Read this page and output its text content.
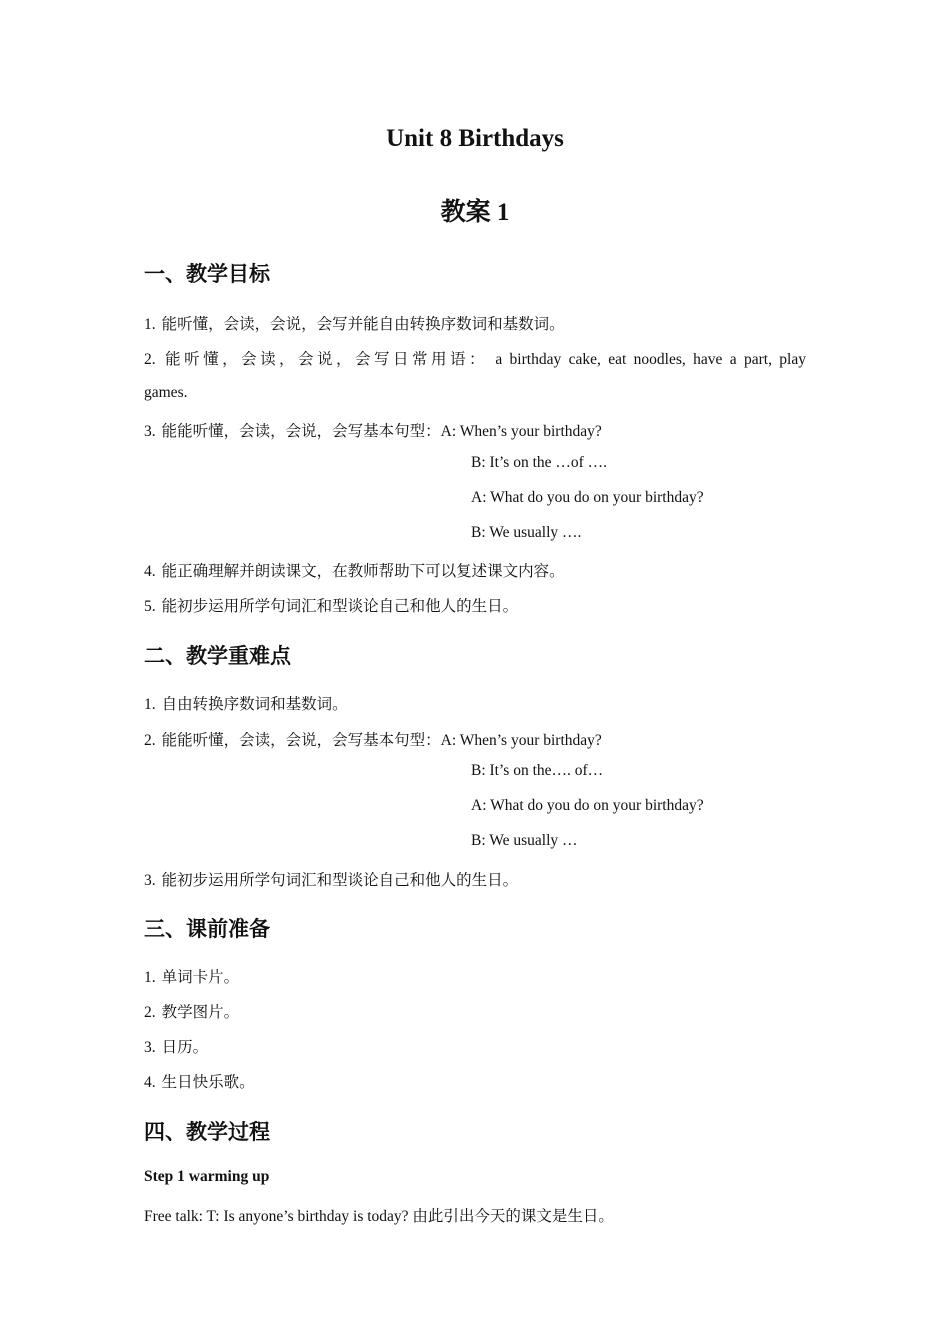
Unit 8 Birthdays
教案 1
一、教学目标
1. 能听懂，会读，会说，会写并能自由转换序数词和基数词。
2. 能听懂，会读，会说，会写日常用语： a birthday cake, eat noodles, have a part, play
games.
3. 能能听懂，会读，会说，会写基本句型：A: When’s your birthday?
B: It’s on the …of ….
A: What do you do on your birthday?
B: We usually ….
4. 能正确理解并朗读课文，在教师帮助下可以复述课文内容。
5. 能初步运用所学句词汇和型谈论自己和他人的生日。
二、教学重难点
1. 自由转换序数词和基数词。
2. 能能听懂，会读，会说，会写基本句型：A: When’s your birthday?
B: It’s on the…. of…
A: What do you do on your birthday?
B: We usually …
3. 能初步运用所学句词汇和型谈论自己和他人的生日。
三、课前准备
1. 单词卡片。
2. 教学图片。
3. 日历。
4. 生日快乐歌。
四、教学过程
Step 1 warming up
Free talk: T: Is anyone’s birthday is today? 由此引出今天的课文是生日。
